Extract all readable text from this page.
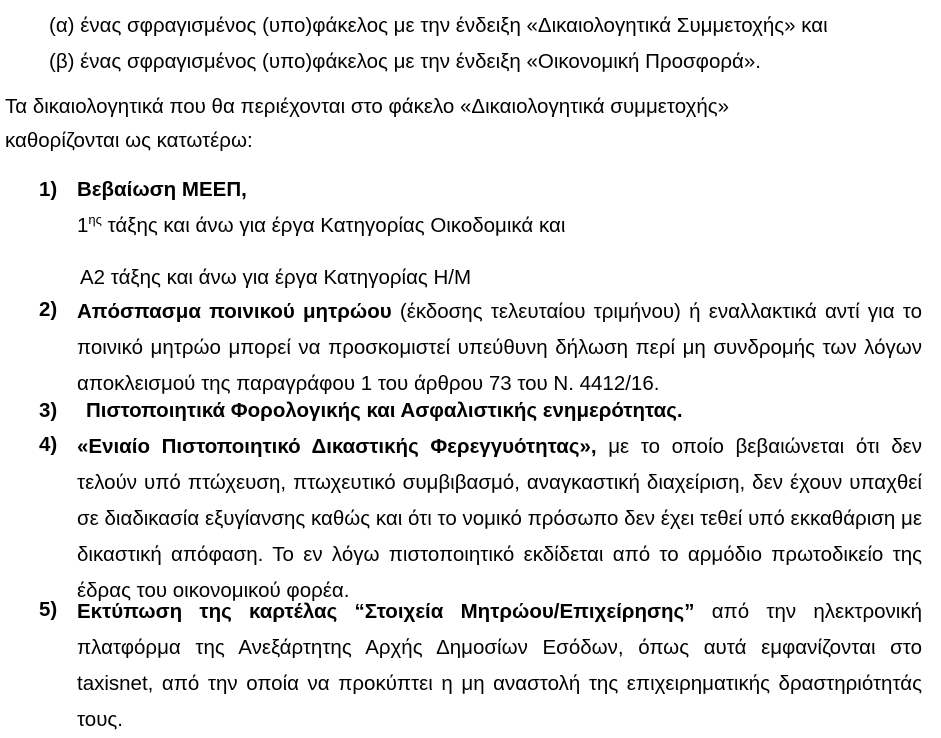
(α) ένας σφραγισμένος (υπο)φάκελος με την ένδειξη «Δικαιολογητικά Συμμετοχής» και
(β) ένας σφραγισμένος (υπο)φάκελος με την ένδειξη «Οικονομική Προσφορά».
Τα δικαιολογητικά που θα περιέχονται στο φάκελο «Δικαιολογητικά συμμετοχής»
καθορίζονται ως κατωτέρω:
1) Βεβαίωση ΜΕΕΠ,
$1^{\eta\varsigma}$ τάξης και άνω για έργα Κατηγορίας Οικοδομικά και
Α2 τάξης και άνω για έργα Κατηγορίας Η/Μ
2) Απόσπασμα ποινικού μητρώου (έκδοσης τελευταίου τριμήνου) ή εναλλακτικά αντί για το ποινικό μητρώο μπορεί να προσκομιστεί υπεύθυνη δήλωση περί μη συνδρομής των λόγων αποκλεισμού της παραγράφου 1 του άρθρου 73 του Ν. 4412/16.
3) Πιστοποιητικά Φορολογικής και Ασφαλιστικής ενημερότητας.
4) «Ενιαίο Πιστοποιητικό Δικαστικής Φερεγγυότητας», με το οποίο βεβαιώνεται ότι δεν τελούν υπό πτώχευση, πτωχευτικό συμβιβασμό, αναγκαστική διαχείριση, δεν έχουν υπαχθεί σε διαδικασία εξυγίανσης καθώς και ότι το νομικό πρόσωπο δεν έχει τεθεί υπό εκκαθάριση με δικαστική απόφαση. Το εν λόγω πιστοποιητικό εκδίδεται από το αρμόδιο πρωτοδικείο της έδρας του οικονομικού φορέα.
5) Εκτύπωση της καρτέλας “Στοιχεία Μητρώου/Επιχείρησης” από την ηλεκτρονική πλατφόρμα της Ανεξάρτητης Αρχής Δημοσίων Εσόδων, όπως αυτά εμφανίζονται στο taxisnet, από την οποία να προκύπτει η μη αναστολή της επιχειρηματικής δραστηριότητάς τους.
